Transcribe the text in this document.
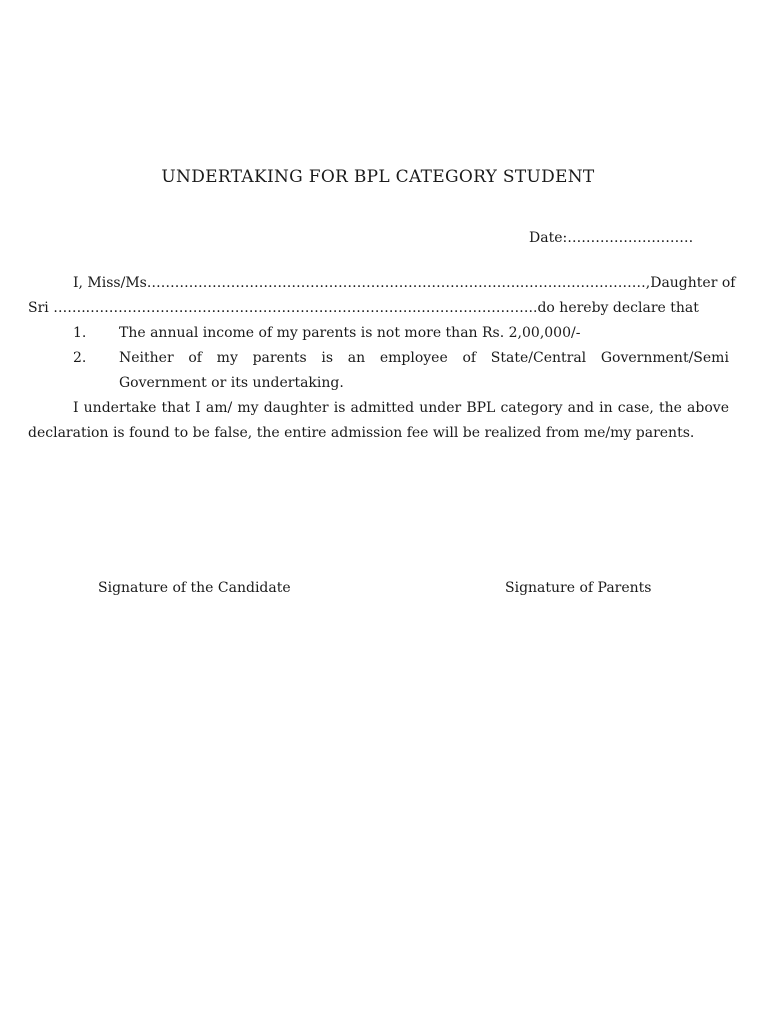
UNDERTAKING FOR BPL CATEGORY STUDENT
Date:………………………
I, Miss/Ms. …………………………………………………………………….………………………, Daughter of
Sri ……..…………………………………………………………….……………………..do hereby declare that
1.	The annual income of my parents is not more than Rs. 2,00,000/-
2.	Neither of my parents is an employee of State/Central Government/Semi
Government or its undertaking.
I undertake that I am/ my daughter is admitted under BPL category and in case, the above declaration is found to be false, the entire admission fee will be realized from me/my parents.
Signature of the Candidate	Signature of Parents
